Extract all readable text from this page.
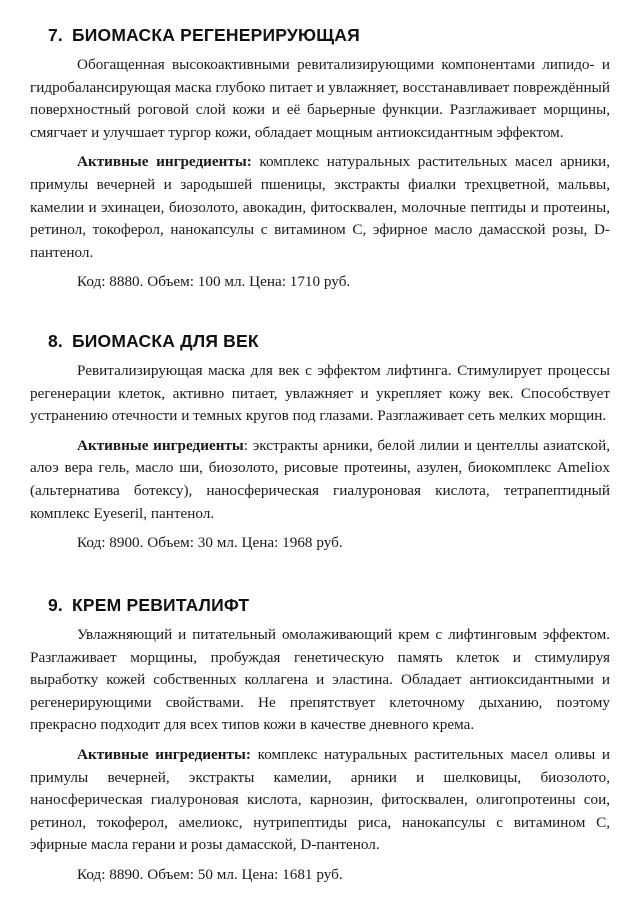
7. БИОМАСКА РЕГЕНЕРИРУЮЩАЯ

Обогащенная высокоактивными ревитализирующими компонентами липидо- и гидробалансирующая маска глубоко питает и увлажняет, восстанавливает повреждённый поверхностный роговой слой кожи и её барьерные функции. Разглаживает морщины, смягчает и улучшает тургор кожи, обладает мощным антиоксидантным эффектом.

Активные ингредиенты: комплекс натуральных растительных масел арники, примулы вечерней и зародышей пшеницы, экстракты фиалки трехцветной, мальвы, камелии и эхинацеи, биозолото, авокадин, фитосквален, молочные пептиды и протеины, ретинол, токоферол, нанокапсулы с витамином С, эфирное масло дамасской розы, D-пантенол.

Код: 8880. Объем: 100 мл. Цена: 1710 руб.

8. БИОМАСКА ДЛЯ ВЕК

Ревитализирующая маска для век с эффектом лифтинга. Стимулирует процессы регенерации клеток, активно питает, увлажняет и укрепляет кожу век. Способствует устранению отечности и темных кругов под глазами. Разглаживает сеть мелких морщин.

Активные ингредиенты: экстракты арники, белой лилии и центеллы азиатской, алоэ вера гель, масло ши, биозолото, рисовые протеины, азулен, биокомплекс Ameliox (альтернатива ботексу), наносферическая гиалуроновая кислота, тетрапептидный комплекс Eyeseril, пантенол.

Код: 8900. Объем: 30 мл. Цена: 1968 руб.

9. КРЕМ РЕВИТАЛИФТ

Увлажняющий и питательный омолаживающий крем с лифтинговым эффектом. Разглаживает морщины, пробуждая генетическую память клеток и стимулируя выработку кожей собственных коллагена и эластина. Обладает антиоксидантными и регенерирующими свойствами. Не препятствует клеточному дыханию, поэтому прекрасно подходит для всех типов кожи в качестве дневного крема.

Активные ингредиенты: комплекс натуральных растительных масел оливы и примулы вечерней, экстракты камелии, арники и шелковицы, биозолото, наносферическая гиалуроновая кислота, карнозин, фитосквален, олигопротеины сои, ретинол, токоферол, амелиокс, нутрипептиды риса, нанокапсулы с витамином С, эфирные масла герани и розы дамасской, D-пантенол.

Код: 8890. Объем: 50 мл. Цена: 1681 руб.
